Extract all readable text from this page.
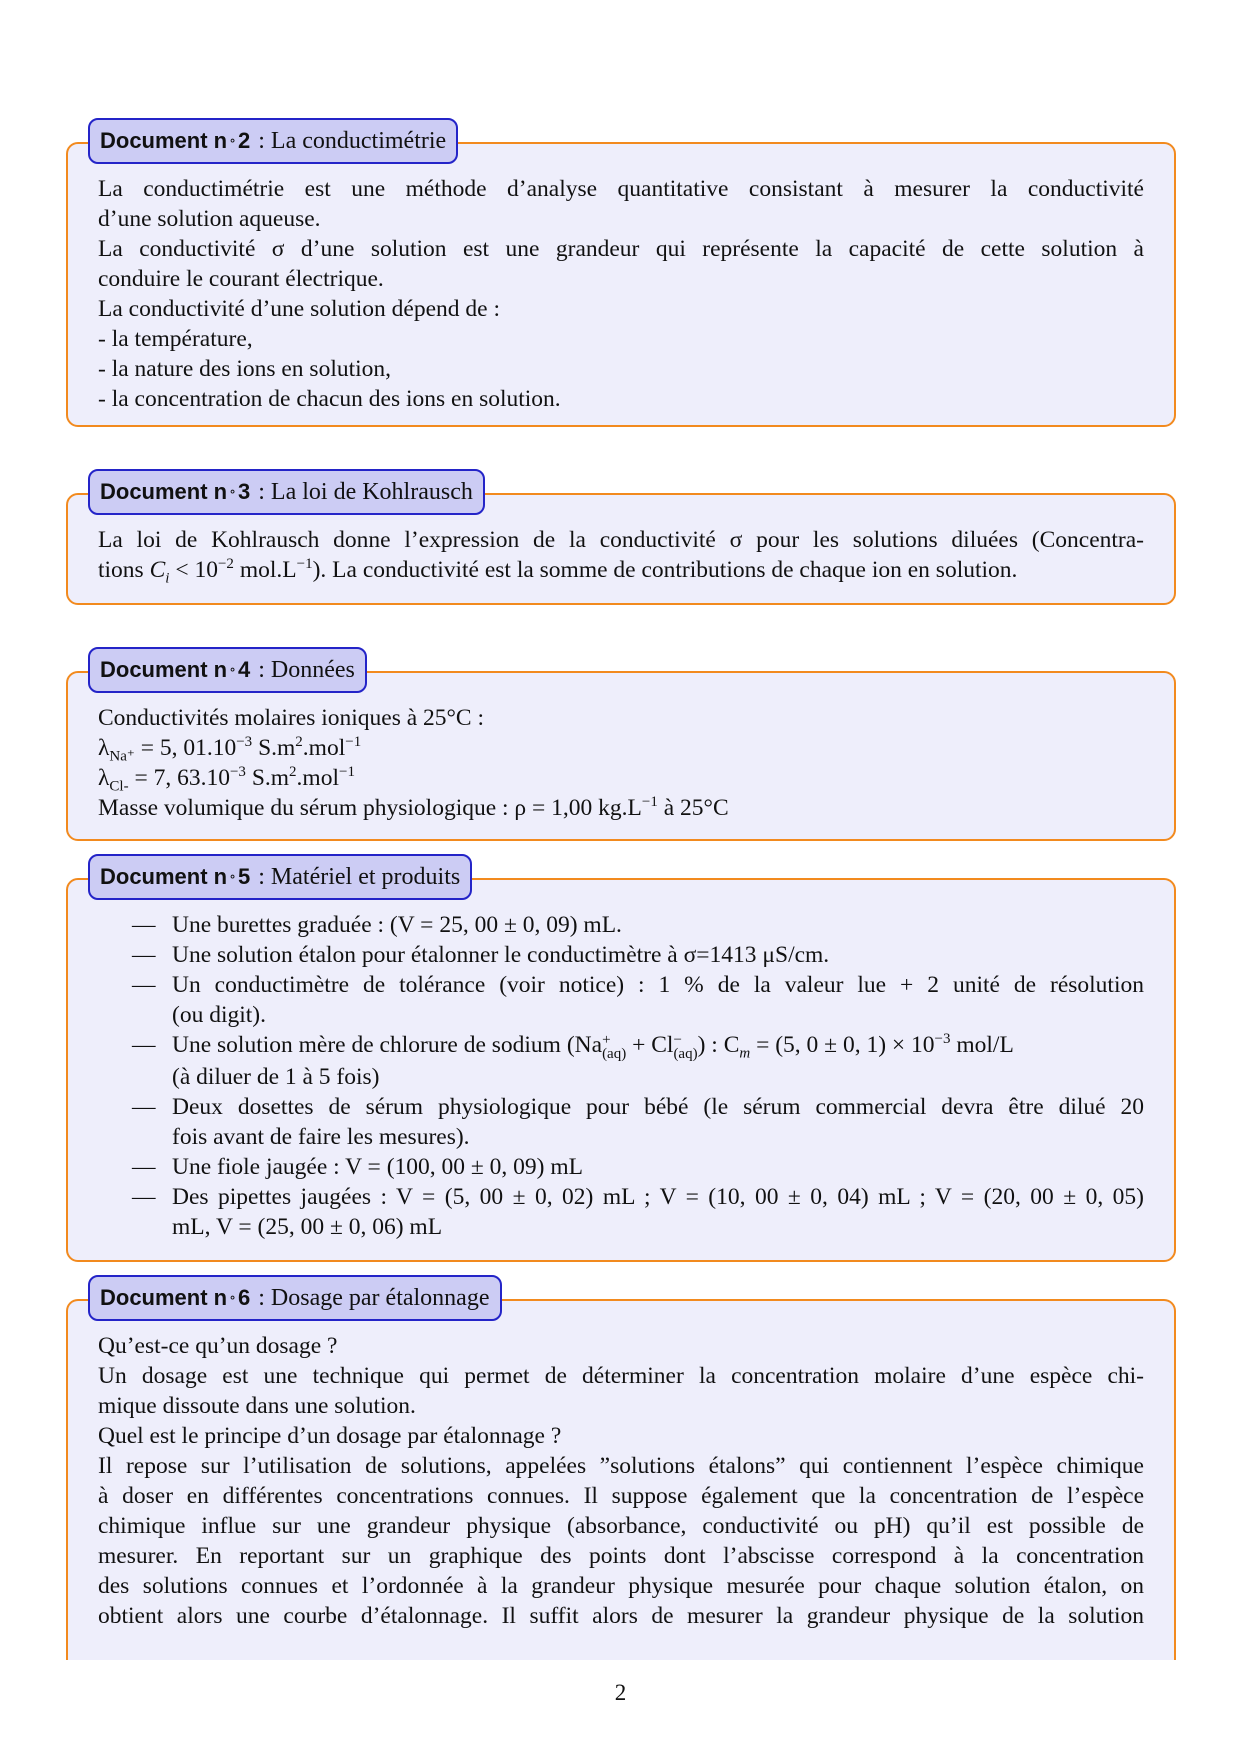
Document n ∘ 2 : La conductimétrie
La conductimétrie est une méthode d’analyse quantitative consistant à mesurer la conductivité
d’une solution aqueuse.
La conductivité σ d’une solution est une grandeur qui représente la capacité de cette solution à
conduire le courant électrique.
La conductivité d’une solution dépend de :
- la température,
- la nature des ions en solution,
- la concentration de chacun des ions en solution.
Document n ∘ 3 : La loi de Kohlrausch
La loi de Kohlrausch donne l’expression de la conductivité σ pour les solutions diluées (Concentra-
tions $C_i < 10^{-2}$ $mol.L^{-1}$). La conductivité est la somme de contributions de chaque ion en solution.
Document n ∘ 4 : Données
Conductivités molaires ioniques à 25°C :
$\lambda_{Na^+} = 5$, $01.10^{-3}$ $S.m^2.mol^{-1}$
$\lambda_{Cl-} = 7$, $63.10^{-3}$ $S.m^2.mol^{-1}$
Masse volumique du sérum physiologique : ρ = 1,00 $kg.L^{-1}$ à 25°C
Document n ∘ 5 : Matériel et produits
— Une burettes graduée : (V = 25, 00 ± 0, 09) mL.
— Une solution étalon pour étalonner le conductimètre à σ=1413 μS/cm.
— Un conductimètre de tolérance (voir notice) : 1 % de la valeur lue + 2 unité de résolution
(ou digit).
— Une solution mère de chlorure de sodium (Na +
(aq) + Cl −
(aq) ) : $C_m = (5$, 0 ± 0, $1) \times 10^{-3}$ mol/L
(à diluer de 1 à 5 fois)
— Deux dosettes de sérum physiologique pour bébé (le sérum commercial devra être dilué 20
fois avant de faire les mesures).
— Une fiole jaugée : V = (100, 00 ± 0, 09) mL
— Des pipettes jaugées : V = (5, 00 ± 0, 02) mL ; V = (10, 00 ± 0, 04) mL ; V = (20, 00 ± 0, 05)
mL, V = (25, 00 ± 0, 06) mL
Document n ∘ 6 : Dosage par étalonnage
Qu’est-ce qu’un dosage ?
Un dosage est une technique qui permet de déterminer la concentration molaire d’une espèce chi-
mique dissoute dans une solution.
Quel est le principe d’un dosage par étalonnage ?
Il repose sur l’utilisation de solutions, appelées ”solutions étalons” qui contiennent l’espèce chimique
à doser en différentes concentrations connues. Il suppose également que la concentration de l’espèce
chimique influe sur une grandeur physique (absorbance, conductivité ou pH) qu’il est possible de
mesurer. En reportant sur un graphique des points dont l’abscisse correspond à la concentration
des solutions connues et l’ordonnée à la grandeur physique mesurée pour chaque solution étalon, on
obtient alors une courbe d’étalonnage. Il suffit alors de mesurer la grandeur physique de la solution
2
